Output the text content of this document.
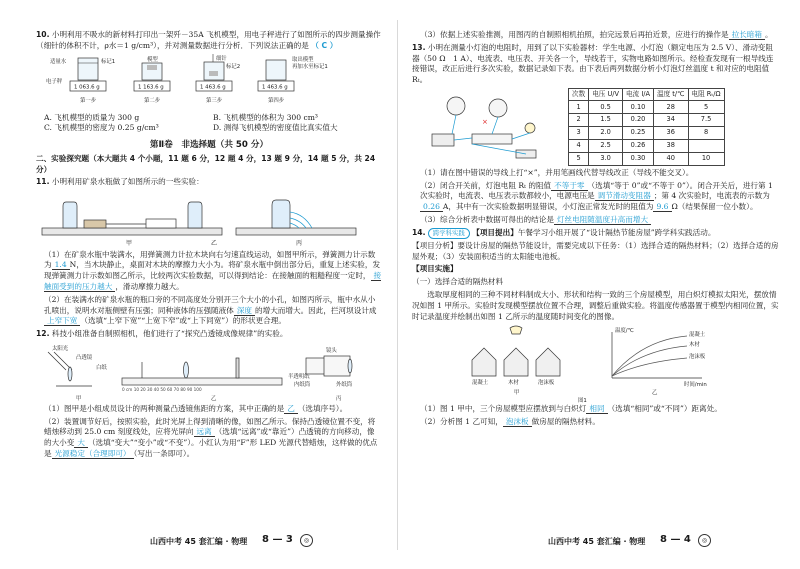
10. 小明利用不吸水的新材料打印出一架歼－35A 飞机模型，用电子秤进行了如图所示的四步测量操作（细针的体积不计，ρ水＝1 g/cm³），并对测量数据进行分析．下列说法正确的是 （ C ）

适量水
电子秤
标记1
1 063.6 g
第一步
模型
1 163.6 g
第二步
细针
标记2
1 463.6 g
第三步
取出模型
再加水至标记1
1 463.6 g
第四步
A. 飞机模型的质量为 300 g	B. 飞机模型的体积为 300 cm³
C. 飞机模型的密度为 0.25 g/cm³	D. 测得飞机模型的密度值比真实值大
第Ⅱ卷　非选择题（共 50 分）

二、实验探究题（本大题共 4 个小题，11 题 6 分，12 题 4 分，13 题 9 分，14 题 5 分，共 24 分）

11. 小明利用矿泉水瓶做了如图所示的一些实验：

甲	乙	丙

（1）在矿泉水瓶中装满水，用弹簧测力计拉木块向右匀速直线运动，如图甲所示，弹簧测力计示数为 1.4 N，当木块静止，桌面对木块的摩擦力大小为。将矿泉水瓶中倒出部分后，重复上述实验，发现弹簧测力计示数如图乙所示，比较两次实验数据，可以得到结论：在接触面的粗糙程度一定时， 接触面受到的压力越大 ，滑动摩擦力越大。

（2）在装满水的矿泉水瓶的瓶口旁的不同高度处分别开三个大小的小孔，如图丙所示，瓶中水从小孔喷出，说明水对瓶侧壁有压强；同种液体的压强随液体 深度 的增大而增大。因此，拦河坝设计成上窄下宽 （选填“上窄下宽”“上宽下窄”或“上下同宽”）的形状更合理。

12. 科技小组准备自制照相机，他们进行了“探究凸透镜成像规律”的实验。

太阳光
凸透镜
白纸
甲	乙	丙
镜头
半透明纸
内纸筒	外纸筒
0 cm 10 20 30 40 50 60 70 80 90 100

（1）图甲是小组成员设计的两种测量凸透镜焦距的方案，其中正确的是 乙 （选填序号）。

（2）装置调节好后，按照实验，此时光屏上得到清晰的像，如图乙所示。保持凸透镜位置不变，将蜡烛移动到 25.0 cm 刻度线处，应将光屏向 远离 （选填“远离”或“靠近”）凸透镜的方向移动，像的大小变 大 （选填“变大”“变小”或“不变”）。小红认为用“F”形 LED 光源代替蜡烛，这样做的优点是 光源稳定（合理即可） （写出一条即可）。

山西中考 45 套汇编 · 物理 8 — 3	◎

（3）依据上述实验推测，用图丙的自制照相机拍照，拍完远景后再拍近景，应进行的操作是 拉长暗箱 。

13. 小明在测量小灯泡的电阻时，用到了以下实验器材：学生电源、小灯泡（额定电压为 2.5 V）、滑动变阻器（50 Ω　1 A）、电流表、电压表、开关各一个，导线若干，实物电路如图所示。经检查发现有一根导线连接错误，改正后进行多次实验，数据记录如下表。由下表后两列数据分析小灯泡灯丝温度 t 和对应的电阻值 Rₜ。

×
次数	电压 U/V	电流 I/A	温度 t/℃	电阻 Rₜ/Ω
1	0.5	0.10	28	5
2	1.5	0.20	34	7.5
3	2.0	0.25	36	8
4	2.5	0.26	38	
5	3.0	0.30	40	10

（1）请在图中错误的导线上打“×”，并用笔画线代替导线改正（导线不能交叉）。

（2）闭合开关前，灯泡电阻 Rₜ 的阻值 不等于零 （选填“等于 0”或“不等于 0”）。闭合开关后，进行第 1 次实验时，电流表、电压表示数都较小，电源电压是 调节滑动变阻器 ；第 4 次实验时，电流表的示数为0.26 A，其中有一次实验数据明显错误，小灯泡正常发光时的阻值为 9.6 Ω（结果保留一位小数）。

（3）综合分析表中数据可得出的结论是 灯丝电阻随温度升高而增大

14. 跨学科实践 【项目提出】午餐学习小组开展了“设计隔热节能房屋”跨学科实践活动。

【项目分析】要设计房屋的隔热节能设计，需要完成以下任务：（1）选择合适的隔热材料；（2）选择合适的房屋外观；（3）安装面积适当的太阳能电池板。

【项目实施】

（一）选择合适的隔热材料

选取厚度相同的三种不同材料制成大小、形状和结构一致的三个房屋模型，用白炽灯模拟太阳光，摆放情况如图 1 甲所示。实验时发现模型摆放位置不合理，调整后重做实验。将温度传感器置于模型内相同位置，实时记录温度并绘制出如图 1 乙所示的温度随时间变化的图像。

混凝土	木材	泡沫板
混凝土
木材
泡沫板
温度/℃
时间/min
甲	乙
图1

（1）图 1 甲中，三个房屋模型应摆放到与白炽灯 相同 （选填“相同”或“不同”）距离处。

（2）分析图 1 乙可知， 泡沫板 做房屋的隔热材料。

山西中考 45 套汇编 · 物理 8 — 4	◎
